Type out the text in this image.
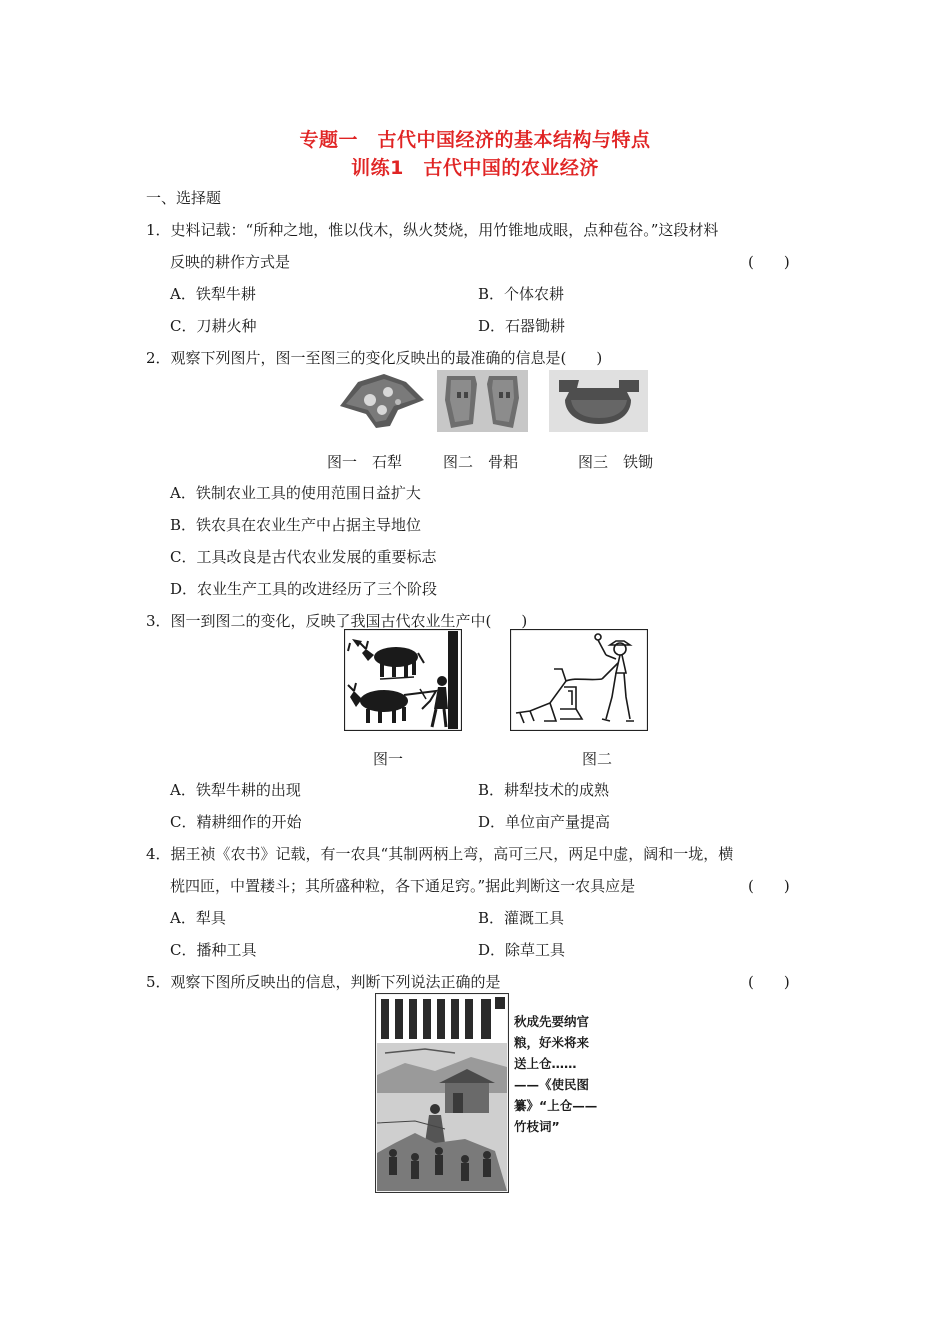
专题一　古代中国经济的基本结构与特点
训练1　古代中国的农业经济
一、选择题
1．史料记载：“所种之地，惟以伐木，纵火焚烧，用竹锥地成眼，点种苞谷。”这段材料
反映的耕作方式是	(　　)
A．铁犁牛耕	B．个体农耕
C．刀耕火种	D．石器锄耕
2．观察下列图片，图一至图三的变化反映出的最准确的信息是(　　)
图一　石犁	图二　骨耜	图三　铁锄
A．铁制农业工具的使用范围日益扩大
B．铁农具在农业生产中占据主导地位
C．工具改良是古代农业发展的重要标志
D．农业生产工具的改进经历了三个阶段
3．图一到图二的变化，反映了我国古代农业生产中(　　)
图一	图二
A．铁犁牛耕的出现	B．耕犁技术的成熟
C．精耕细作的开始	D．单位亩产量提高
4．据王祯《农书》记载，有一农具“其制两柄上弯，高可三尺，两足中虚，阔和一垅，横
桄四匝，中置耧斗；其所盛种粒，各下通足窍。”据此判断这一农具应是	(　　)
A．犁具	B．灌溉工具
C．播种工具	D．除草工具
5．观察下图所反映出的信息，判断下列说法正确的是	(　　)
秋成先要纳官
粮，好米将来
送上仓……
——《使民图
纂》“上仓——
竹枝词”
